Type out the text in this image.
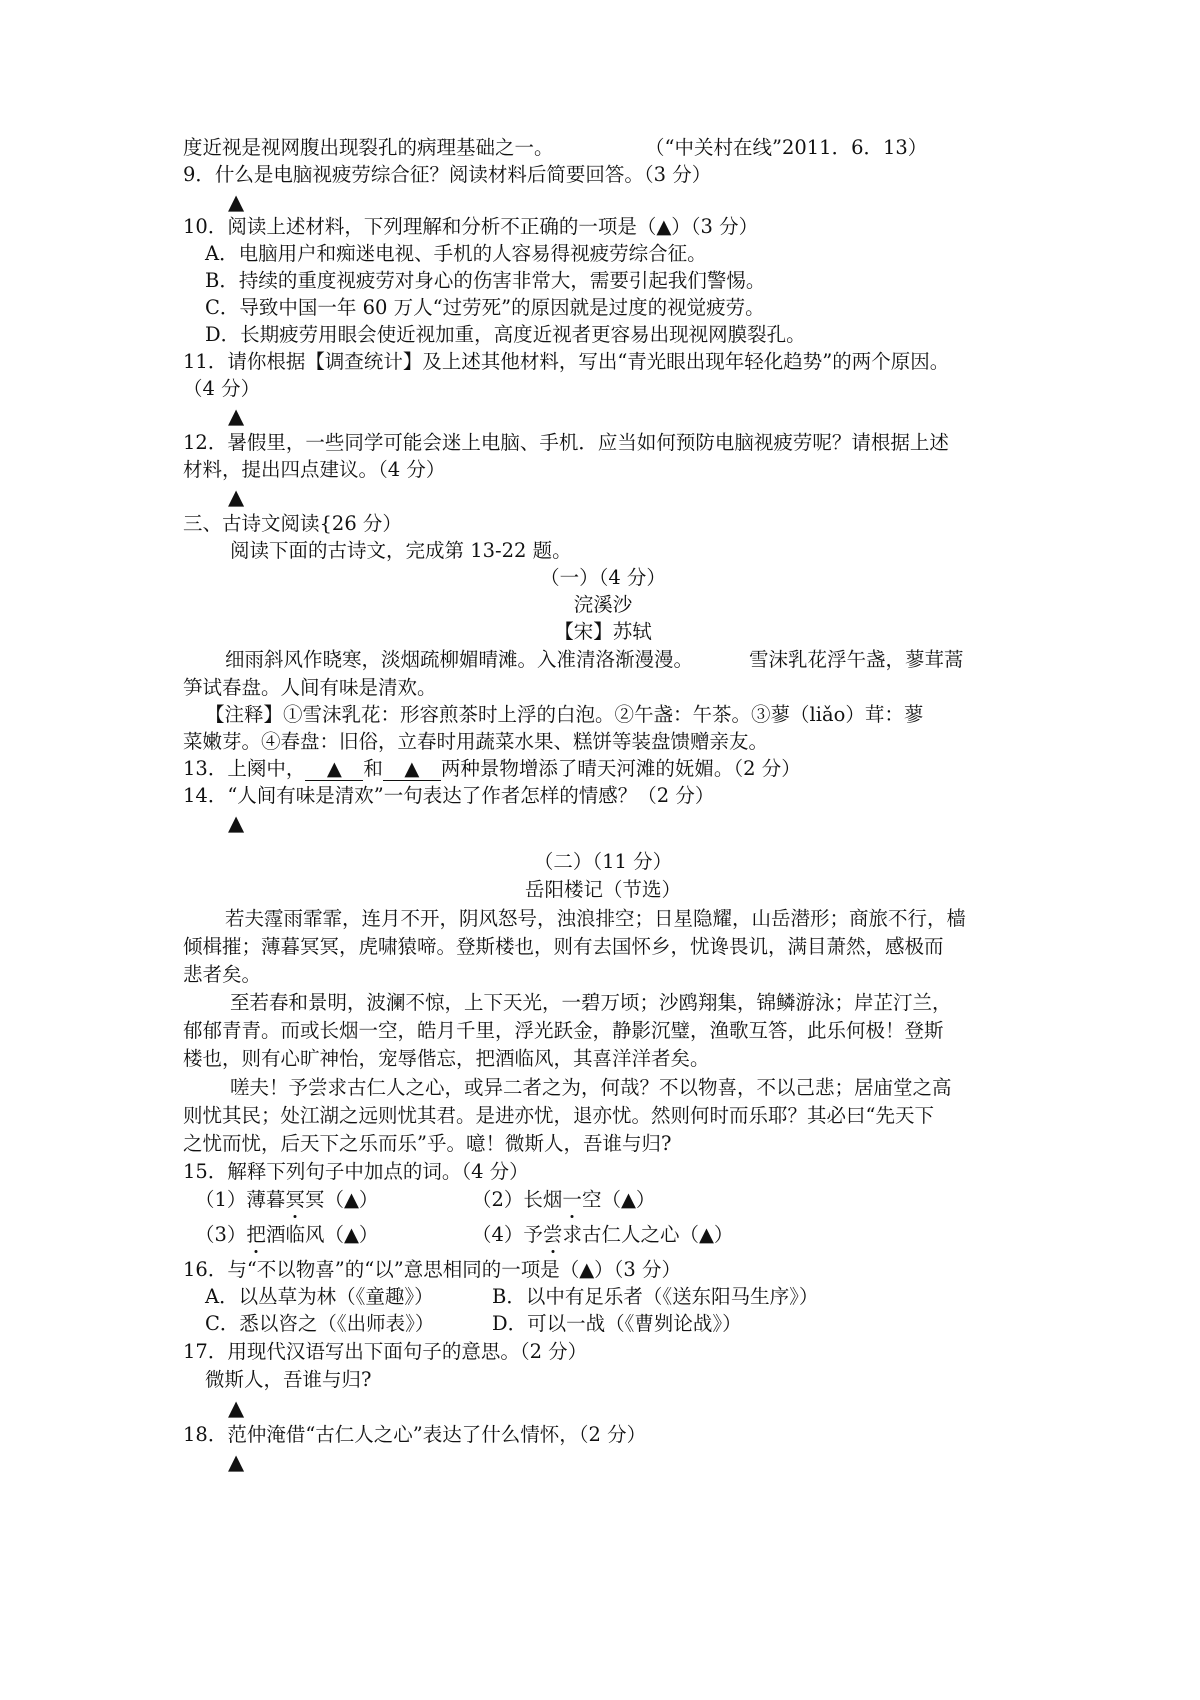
度近视是视网腹出现裂孔的病理基础之一。	（“中关村在线”2011．6．13）
9．什么是电脑视疲劳综合征？阅读材料后简要回答。（3 分）
▲
10．阅读上述材料，下列理解和分析不正确的一项是（▲）（3 分）
A．电脑用户和痴迷电视、手机的人容易得视疲劳综合征。
B．持续的重度视疲劳对身心的伤害非常大，需要引起我们警惕。
C．导致中国一年 60 万人“过劳死”的原因就是过度的视觉疲劳。
D．长期疲劳用眼会使近视加重，高度近视者更容易出现视网膜裂孔。
11．请你根据【调查统计】及上述其他材料，写出“青光眼出现年轻化趋势”的两个原因。
（4 分）
▲
12．暑假里，一些同学可能会迷上电脑、手机．应当如何预防电脑视疲劳呢？请根据上述
材料，提出四点建议。（4 分）
▲
三、古诗文阅读{26 分）
阅读下面的古诗文，完成第 13-22 题。
（一）（4 分）
浣溪沙
【宋】苏轼
细雨斜风作晓寒，淡烟疏柳媚晴滩。入准清洛渐漫漫。	雪沫乳花浮午盏，蓼茸蒿
笋试春盘。人间有味是清欢。
【注释】①雪沫乳花：形容煎茶时上浮的白泡。②午盏：午茶。③蓼（liǎo）茸：蓼
菜嫩芽。④春盘：旧俗，立春时用蔬菜水果、糕饼等装盘馈赠亲友。
13．上阕中， ▲ 和 ▲ 两种景物增添了晴天河滩的妩媚。（2 分）
14．“人间有味是清欢”一句表达了作者怎样的情感？（2 分）
▲
（二）（11 分）
岳阳楼记（节选）
若夫霪雨霏霏，连月不开，阴风怒号，浊浪排空；日星隐耀，山岳潜形；商旅不行，樯
倾楫摧；薄暮冥冥，虎啸猿啼。登斯楼也，则有去国怀乡，忧谗畏讥，满目萧然，感极而
悲者矣。
至若春和景明，波澜不惊，上下天光，一碧万顷；沙鸥翔集，锦鳞游泳；岸芷汀兰，
郁郁青青。而或长烟一空，皓月千里，浮光跃金，静影沉璧，渔歌互答，此乐何极！登斯
楼也，则有心旷神怡，宠辱偕忘，把酒临风，其喜洋洋者矣。
嗟夫！予尝求古仁人之心，或异二者之为，何哉？不以物喜，不以己悲；居庙堂之高
则忧其民；处江湖之远则忧其君。是进亦忧，退亦忧。然则何时而乐耶？其必曰“先天下
之忧而忧，后天下之乐而乐”乎。噫！微斯人，吾谁与归?
15．解释下列句子中加点的词。（4 分）
（1）薄暮冥冥（▲）	（2）长烟一空（▲）
（3）把酒临风（▲）	（4）予尝求古仁人之心（▲）
16．与“不以物喜”的“以”意思相同的一项是（▲）（3 分）
A．以丛草为林（《童趣》）	B．以中有足乐者（《送东阳马生序》）
C．悉以咨之（《出师表》）	D．可以一战（《曹刿论战》）
17．用现代汉语写出下面句子的意思。（2 分）
微斯人，吾谁与归?
▲
18．范仲淹借“古仁人之心”表达了什么情怀，（2 分）
▲
